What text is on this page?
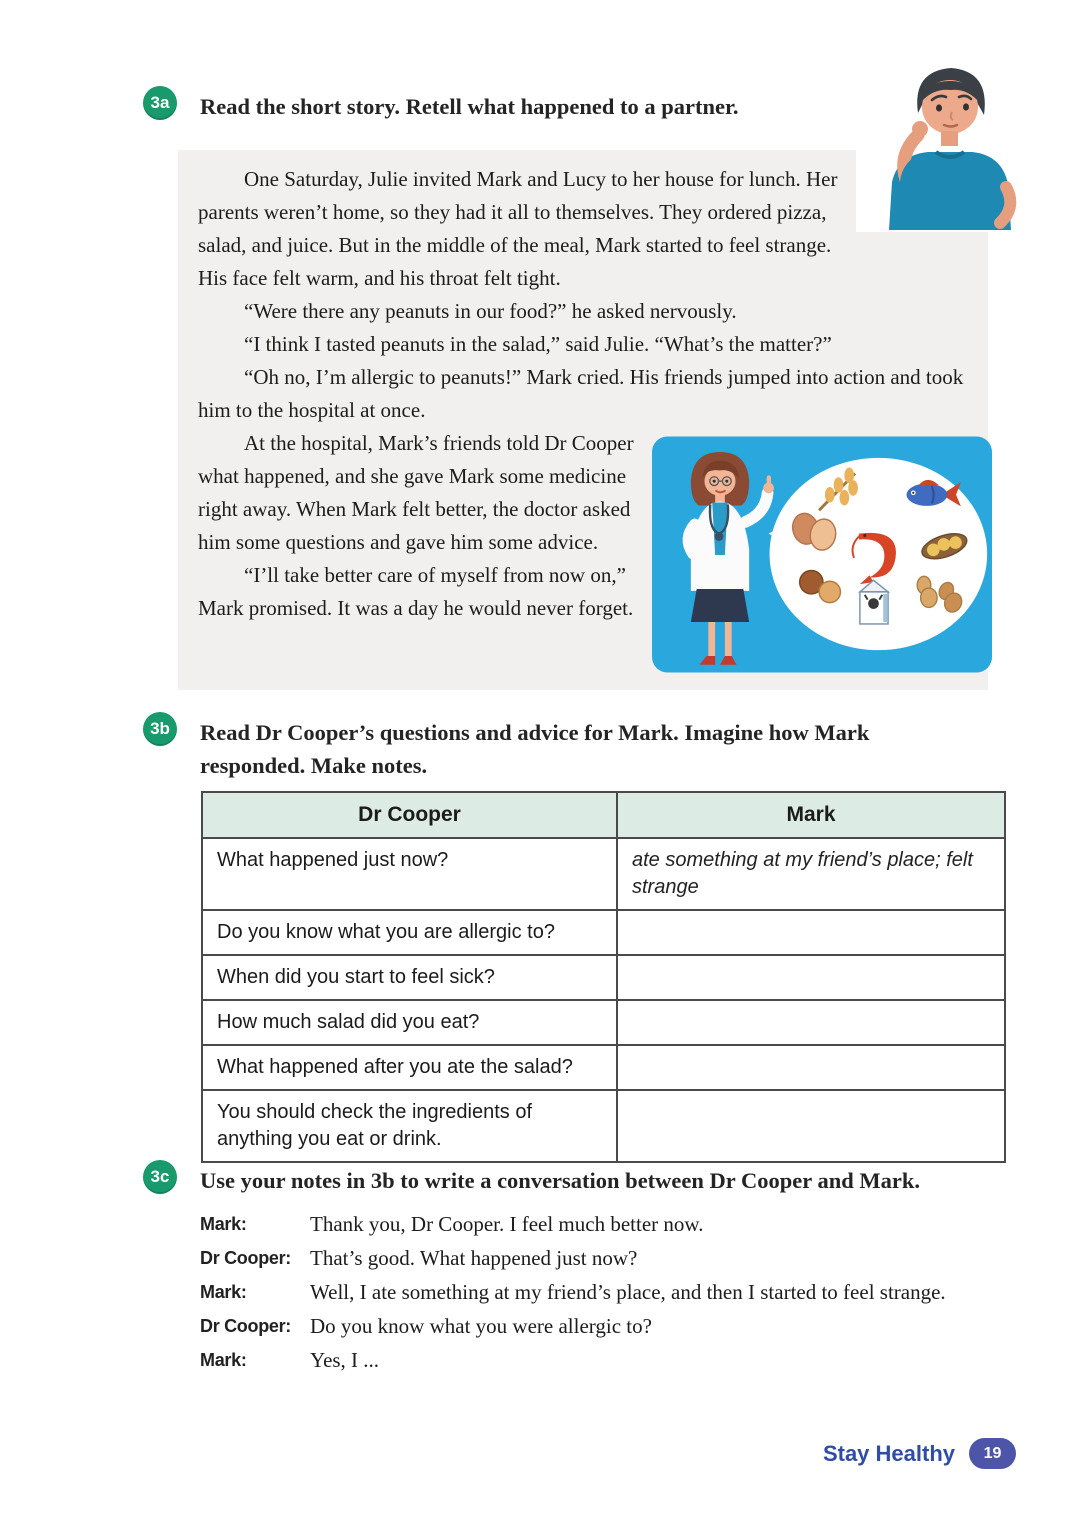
3a	Read the short story. Retell what happened to a partner.

One Saturday, Julie invited Mark and Lucy to her house for lunch. Her parents weren’t home, so they had it all to themselves. They ordered pizza, salad, and juice. But in the middle of the meal, Mark started to feel strange. His face felt warm, and his throat felt tight.

“Were there any peanuts in our food?” he asked nervously.

“I think I tasted peanuts in the salad,” said Julie. “What’s the matter?”

“Oh no, I’m allergic to peanuts!” Mark cried. His friends jumped into action and took him to the hospital at once.

At the hospital, Mark’s friends told Dr Cooper what happened, and she gave Mark some medicine right away. When Mark felt better, the doctor asked him some questions and gave him some advice.

“I’ll take better care of myself from now on,” Mark promised. It was a day he would never forget.

3b	Read Dr Cooper’s questions and advice for Mark. Imagine how Mark responded. Make notes.
Dr Cooper	Mark
What happened just now?	ate something at my friend’s place; felt strange
Do you know what you are allergic to?	
When did you start to feel sick?	
How much salad did you eat?	
What happened after you ate the salad?	
You should check the ingredients of anything you eat or drink.	
3c	Use your notes in 3b to write a conversation between Dr Cooper and Mark.
Mark:	Thank you, Dr Cooper. I feel much better now.
Dr Cooper: That’s good. What happened just now?
Mark:	Well, I ate something at my friend’s place, and then I started to feel strange.
Dr Cooper: Do you know what you were allergic to?
Mark:	Yes, I ...
Stay Healthy	19
